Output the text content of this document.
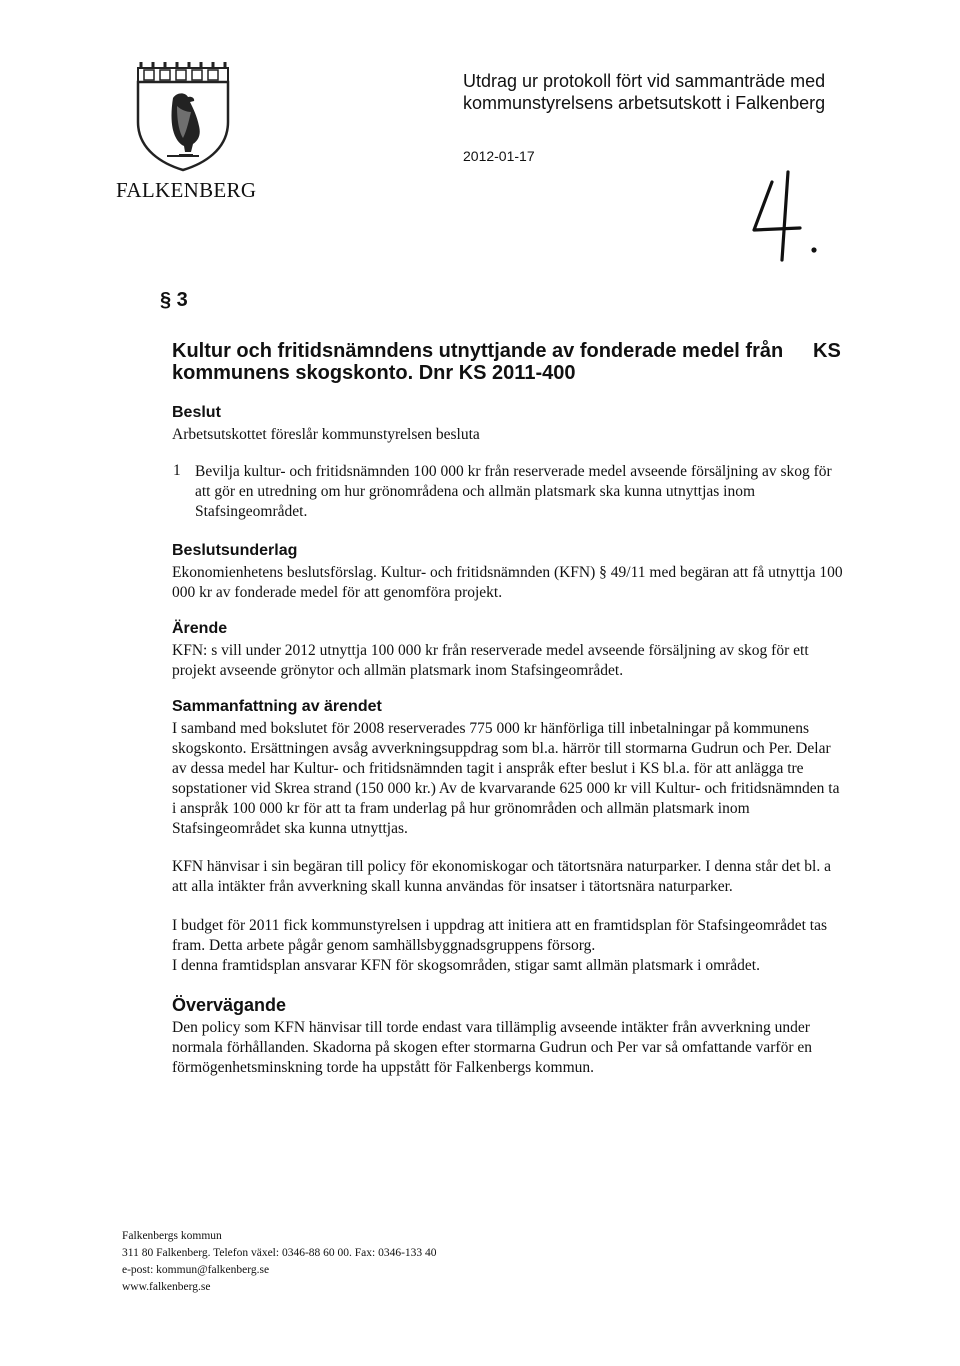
FALKENBERG
Utdrag ur protokoll fört vid sammanträde med
kommunstyrelsens arbetsutskott i Falkenberg
2012-01-17
§ 3
Kultur och fritidsnämndens utnyttjande av fonderade medel från
kommunens skogskonto. Dnr KS 2011-400
KS
Beslut
Arbetsutskottet föreslår kommunstyrelsen besluta
1 Bevilja kultur- och fritidsnämnden 100 000 kr från reserverade medel avseende försäljning av skog för att gör en utredning om hur grönområdena och allmän platsmark ska kunna utnyttjas inom Stafsingeområdet.
Beslutsunderlag
Ekonomienhetens beslutsförslag. Kultur- och fritidsnämnden (KFN) § 49/11 med begäran att få utnyttja 100 000 kr av fonderade medel för att genomföra projekt.
Ärende
KFN: s vill under 2012 utnyttja 100 000 kr från reserverade medel avseende försäljning av skog för ett projekt avseende grönytor och allmän platsmark inom Stafsingeområdet.
Sammanfattning av ärendet
I samband med bokslutet för 2008 reserverades 775 000 kr hänförliga till inbetalningar på kommunens skogskonto. Ersättningen avsåg avverkningsuppdrag som bl.a. härrör till stormarna Gudrun och Per. Delar av dessa medel har Kultur- och fritidsnämnden tagit i anspråk efter beslut i KS bl.a. för att anlägga tre sopstationer vid Skrea strand (150 000 kr.) Av de kvarvarande 625 000 kr vill Kultur- och fritidsnämnden ta i anspråk 100 000 kr för att ta fram underlag på hur grönområden och allmän platsmark inom Stafsingeområdet ska kunna utnyttjas.
KFN hänvisar i sin begäran till policy för ekonomiskogar och tätortsnära naturparker. I denna står det bl. a att alla intäkter från avverkning skall kunna användas för insatser i tätortsnära naturparker.
I budget för 2011 fick kommunstyrelsen i uppdrag att initiera att en framtidsplan för Stafsingeområdet tas fram. Detta arbete pågår genom samhällsbyggnadsgruppens försorg.
I denna framtidsplan ansvarar KFN för skogsområden, stigar samt allmän platsmark i området.
Övervägande
Den policy som KFN hänvisar till torde endast vara tillämplig avseende intäkter från avverkning under normala förhållanden. Skadorna på skogen efter stormarna Gudrun och Per var så omfattande varför en förmögenhetsminskning torde ha uppstått för Falkenbergs kommun.
Falkenbergs kommun
311 80 Falkenberg. Telefon växel: 0346-88 60 00. Fax: 0346-133 40
e-post: kommun@falkenberg.se
www.falkenberg.se
